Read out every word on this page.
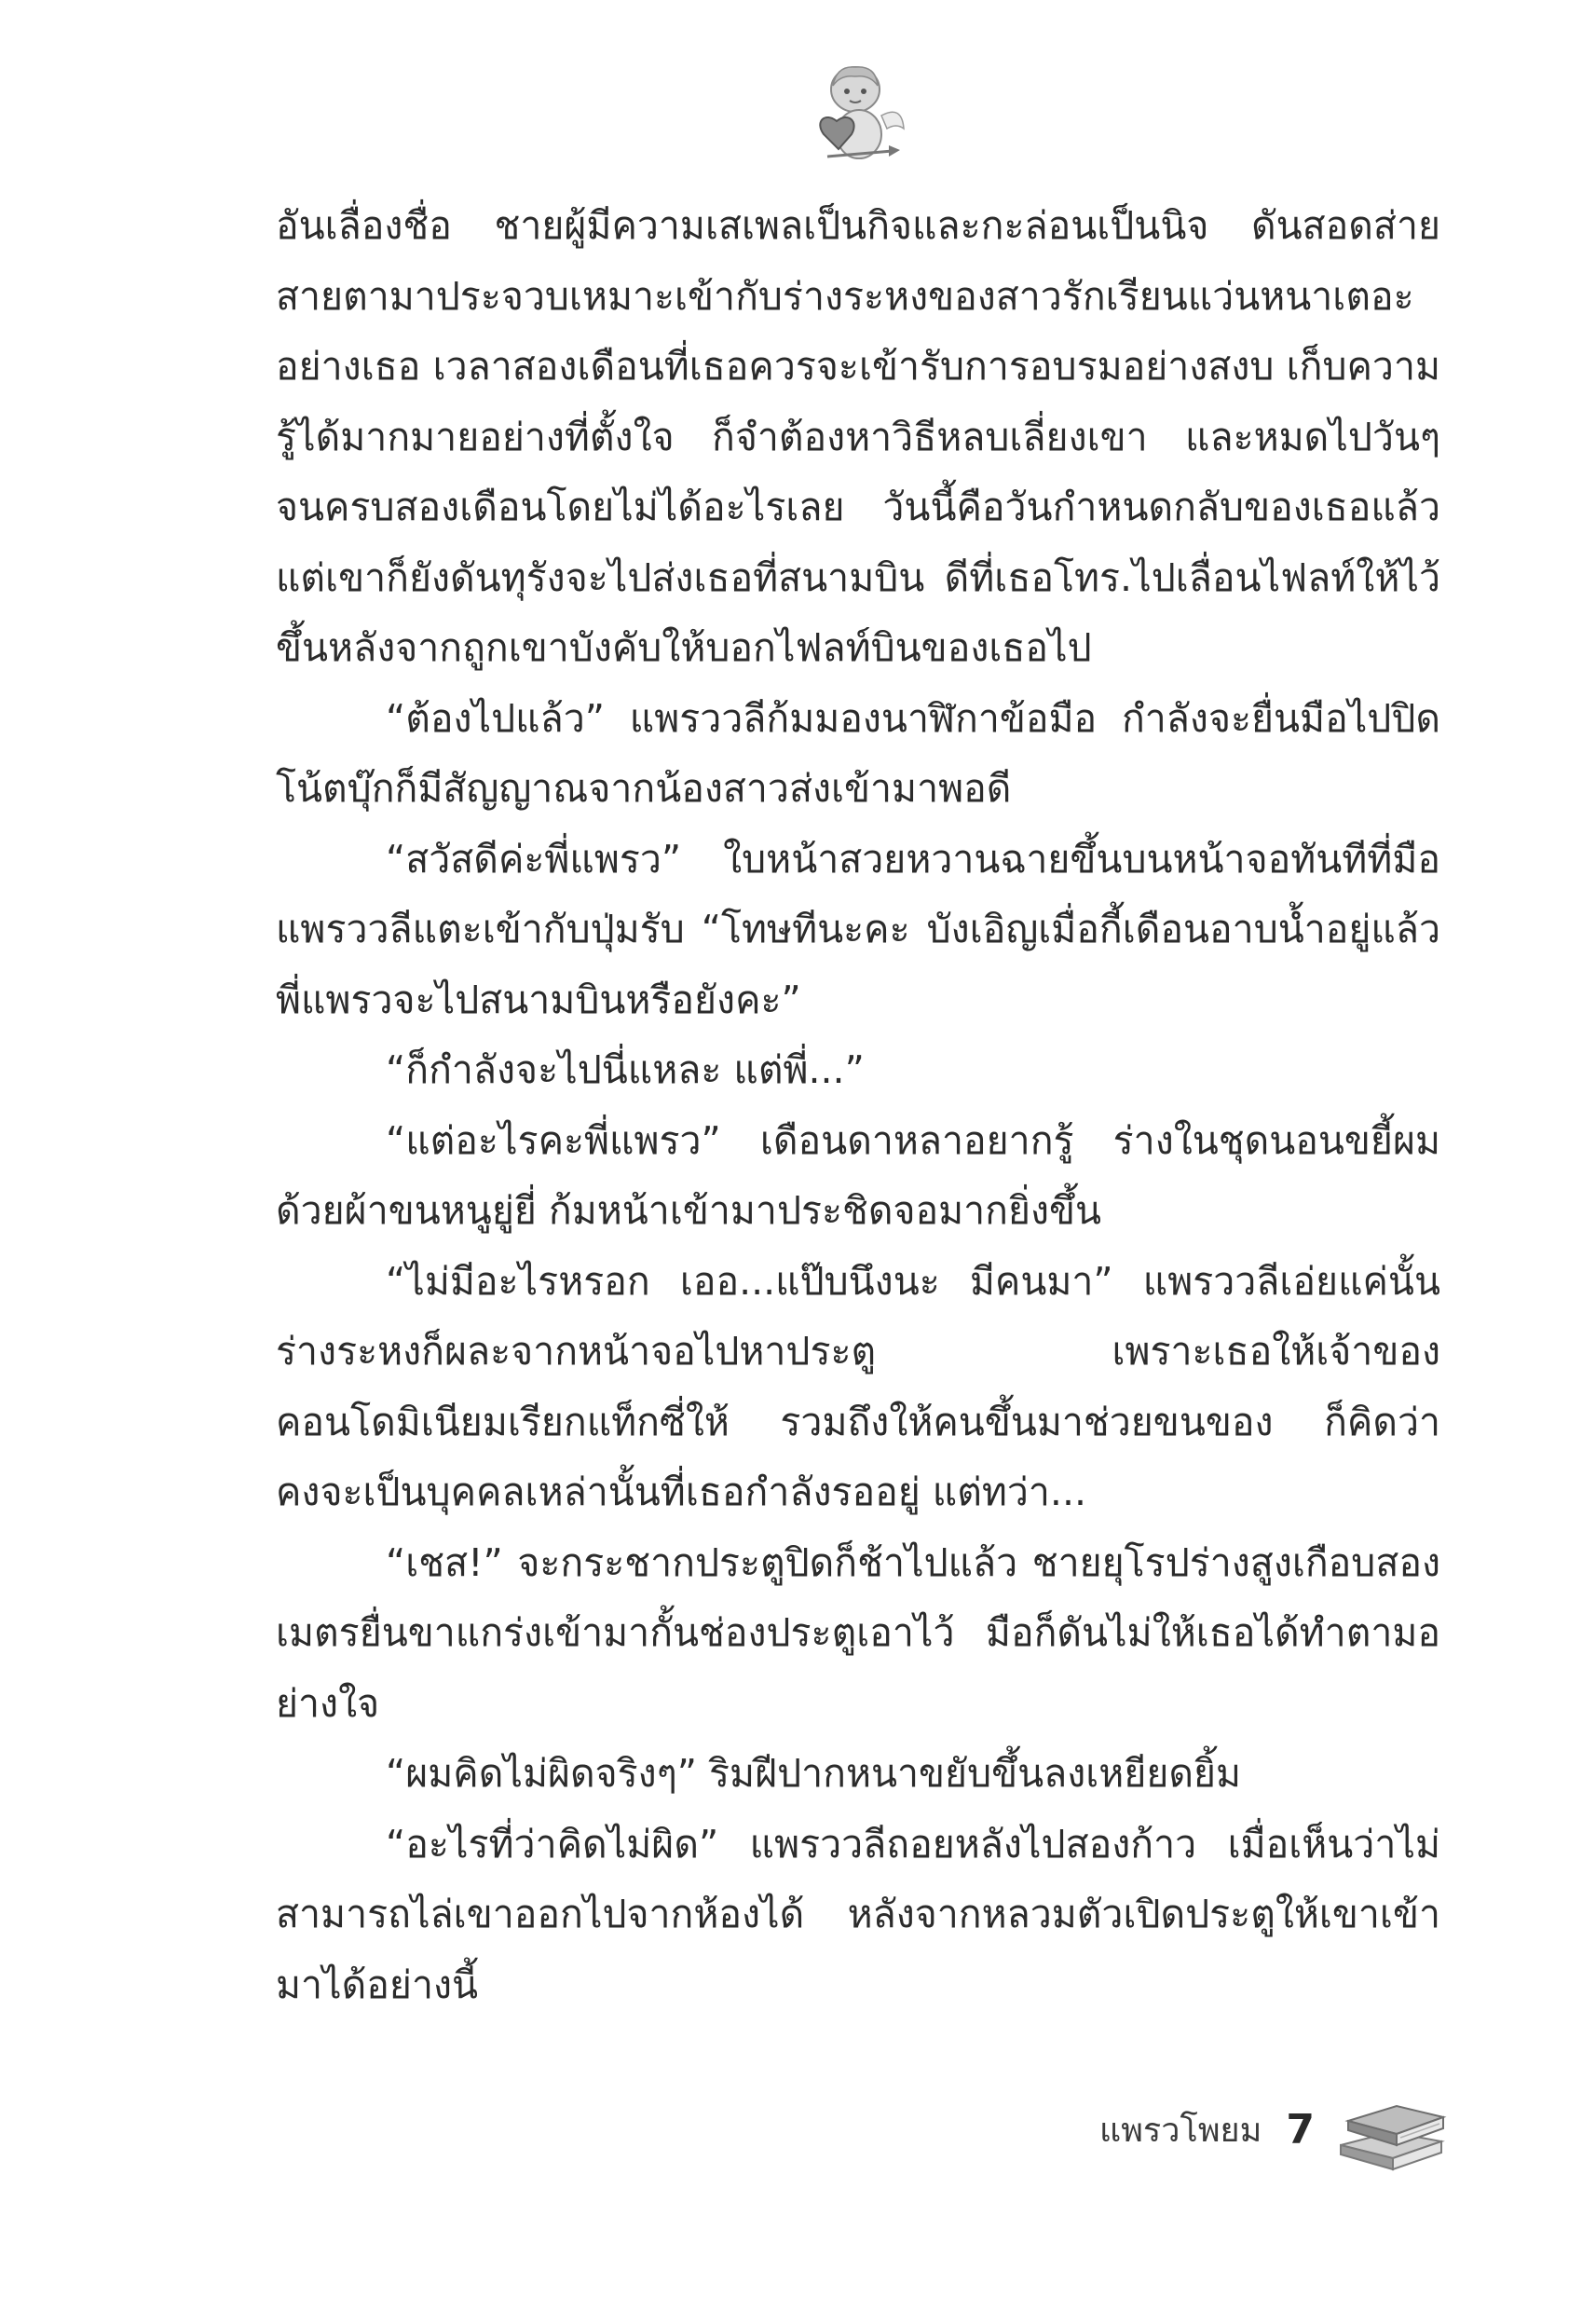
อันเลื่องชื่อ ชายผู้มีความเสเพลเป็นกิจและกะล่อนเป็นนิจ ดันสอดส่ายสายตามาประจวบเหมาะเข้ากับร่างระหงของสาวรักเรียนแว่นหนาเตอะอย่างเธอ เวลาสองเดือนที่เธอควรจะเข้ารับการอบรมอย่างสงบ เก็บความรู้ได้มากมายอย่างที่ตั้งใจ ก็จำต้องหาวิธีหลบเลี่ยงเขา และหมดไปวันๆ จนครบสองเดือนโดยไม่ได้อะไรเลย วันนี้คือวันกำหนดกลับของเธอแล้ว แต่เขาก็ยังดันทุรังจะไปส่งเธอที่สนามบิน ดีที่เธอโทร.ไปเลื่อนไฟลท์ให้ไว้ขึ้นหลังจากถูกเขาบังคับให้บอกไฟลท์บินของเธอไป

“ต้องไปแล้ว” แพรววลีก้มมองนาฬิกาข้อมือ กำลังจะยื่นมือไปปิดโน้ตบุ๊กก็มีสัญญาณจากน้องสาวส่งเข้ามาพอดี

“สวัสดีค่ะพี่แพรว” ใบหน้าสวยหวานฉายขึ้นบนหน้าจอทันทีที่มือแพรววลีแตะเข้ากับปุ่มรับ “โทษทีนะคะ บังเอิญเมื่อกี้เดือนอาบน้ำอยู่แล้วพี่แพรวจะไปสนามบินหรือยังคะ”

“ก็กำลังจะไปนี่แหละ แต่พี่...”

“แต่อะไรคะพี่แพรว” เดือนดาหลาอยากรู้ ร่างในชุดนอนขยี้ผมด้วยผ้าขนหนูยู่ยี่ ก้มหน้าเข้ามาประชิดจอมากยิ่งขึ้น

“ไม่มีอะไรหรอก เออ...แป๊บนึงนะ มีคนมา” แพรววลีเอ่ยแค่นั้นร่างระหงก็ผละจากหน้าจอไปหาประตู เพราะเธอให้เจ้าของคอนโดมิเนียมเรียกแท็กซี่ให้ รวมถึงให้คนขึ้นมาช่วยขนของ ก็คิดว่าคงจะเป็นบุคคลเหล่านั้นที่เธอกำลังรออยู่ แต่ทว่า...

“เชส!” จะกระชากประตูปิดก็ช้าไปแล้ว ชายยุโรปร่างสูงเกือบสองเมตรยื่นขาแกร่งเข้ามากั้นช่องประตูเอาไว้ มือก็ดันไม่ให้เธอได้ทำตามอย่างใจ

“ผมคิดไม่ผิดจริงๆ” ริมฝีปากหนาขยับขึ้นลงเหยียดยิ้ม

“อะไรที่ว่าคิดไม่ผิด” แพรววลีถอยหลังไปสองก้าว เมื่อเห็นว่าไม่สามารถไล่เขาออกไปจากห้องได้ หลังจากหลวมตัวเปิดประตูให้เขาเข้ามาได้อย่างนี้

แพรวโพยม 7
